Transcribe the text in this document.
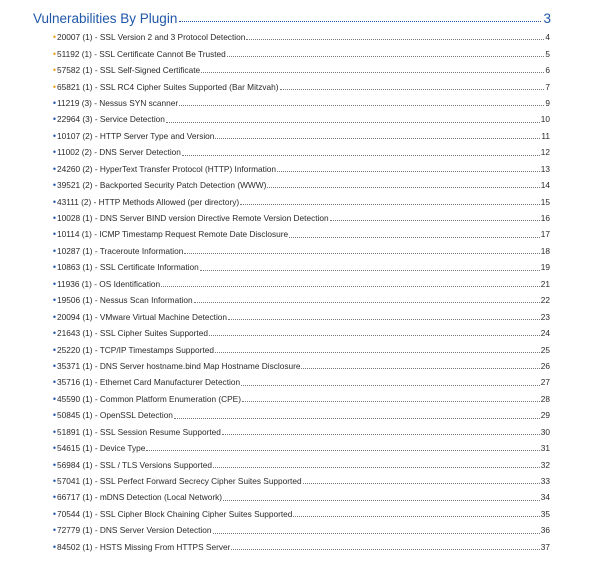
Vulnerabilities By Plugin	3
• 20007 (1) - SSL Version 2 and 3 Protocol Detection	4
• 51192 (1) - SSL Certificate Cannot Be Trusted	5
• 57582 (1) - SSL Self-Signed Certificate	6
• 65821 (1) - SSL RC4 Cipher Suites Supported (Bar Mitzvah)	7
• 11219 (3) - Nessus SYN scanner	9
• 22964 (3) - Service Detection	10
• 10107 (2) - HTTP Server Type and Version	11
• 11002 (2) - DNS Server Detection	12
• 24260 (2) - HyperText Transfer Protocol (HTTP) Information	13
• 39521 (2) - Backported Security Patch Detection (WWW)	14
• 43111 (2) - HTTP Methods Allowed (per directory)	15
• 10028 (1) - DNS Server BIND version Directive Remote Version Detection	16
• 10114 (1) - ICMP Timestamp Request Remote Date Disclosure	17
• 10287 (1) - Traceroute Information	18
• 10863 (1) - SSL Certificate Information	19
• 11936 (1) - OS Identification	21
• 19506 (1) - Nessus Scan Information	22
• 20094 (1) - VMware Virtual Machine Detection	23
• 21643 (1) - SSL Cipher Suites Supported	24
• 25220 (1) - TCP/IP Timestamps Supported	25
• 35371 (1) - DNS Server hostname.bind Map Hostname Disclosure	26
• 35716 (1) - Ethernet Card Manufacturer Detection	27
• 45590 (1) - Common Platform Enumeration (CPE)	28
• 50845 (1) - OpenSSL Detection	29
• 51891 (1) - SSL Session Resume Supported	30
• 54615 (1) - Device Type	31
• 56984 (1) - SSL / TLS Versions Supported	32
• 57041 (1) - SSL Perfect Forward Secrecy Cipher Suites Supported	33
• 66717 (1) - mDNS Detection (Local Network)	34
• 70544 (1) - SSL Cipher Block Chaining Cipher Suites Supported	35
• 72779 (1) - DNS Server Version Detection	36
• 84502 (1) - HSTS Missing From HTTPS Server	37
